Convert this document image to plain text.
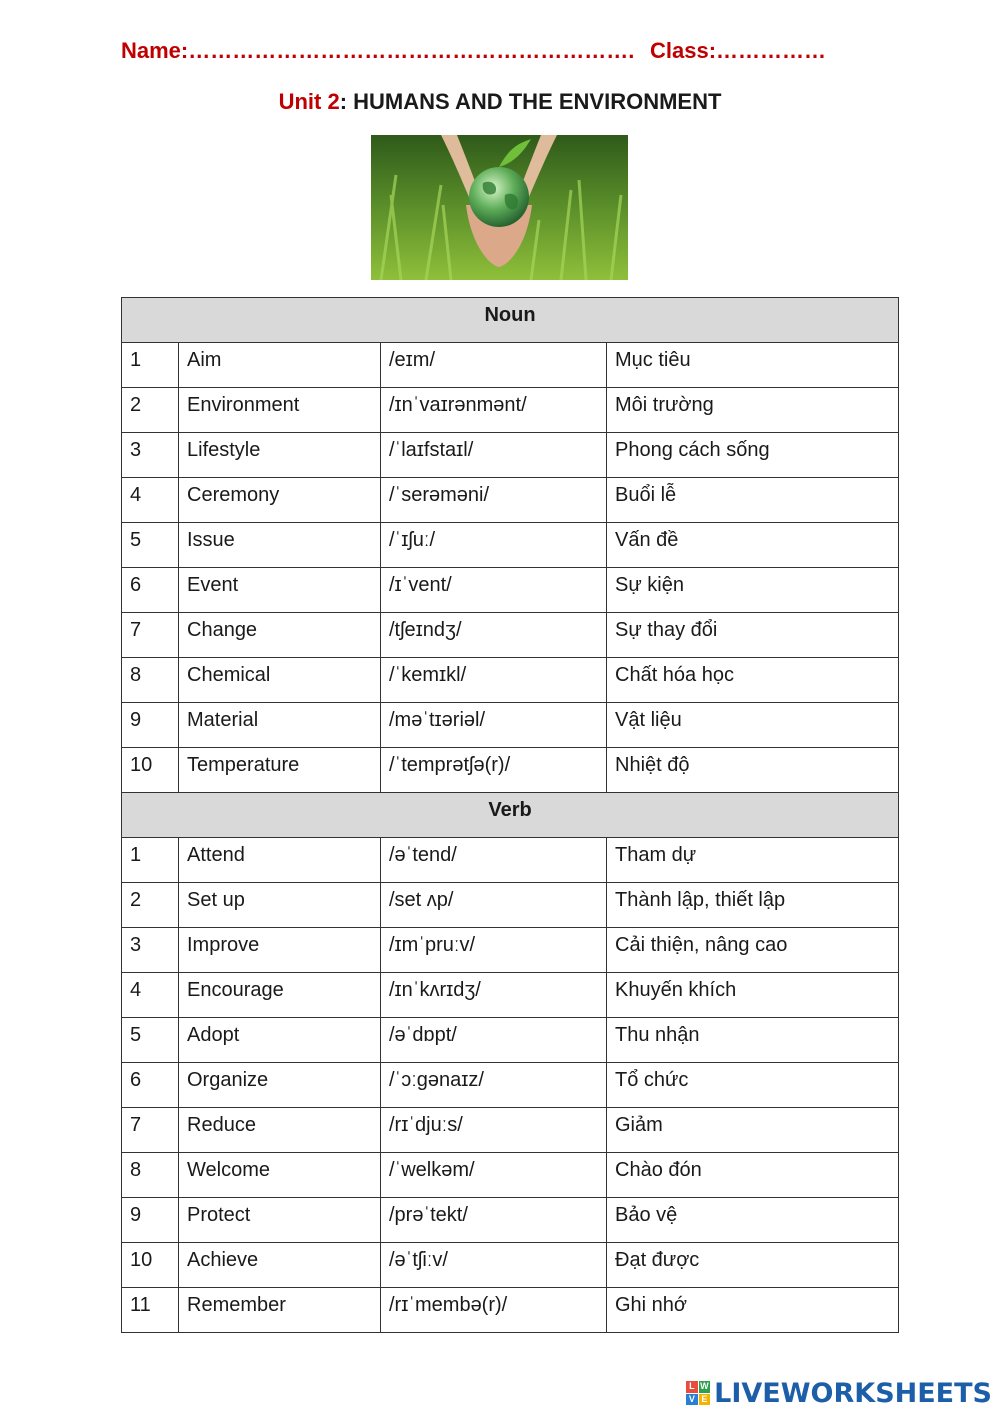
Name:……………………………………………………. Class:……………
Unit 2: HUMANS AND THE ENVIRONMENT
Noun			
1	Aim	/eɪm/	Mục tiêu
2	Environment	/ɪnˈvaɪrənmənt/	Môi trường
3	Lifestyle	/ˈlaɪfstaɪl/	Phong cách sống
4	Ceremony	/ˈserəməni/	Buổi lễ
5	Issue	/ˈɪʃuː/	Vấn đề
6	Event	/ɪˈvent/	Sự kiện
7	Change	/tʃeɪndʒ/	Sự thay đổi
8	Chemical	/ˈkemɪkl/	Chất hóa học
9	Material	/məˈtɪəriəl/	Vật liệu
10	Temperature	/ˈtemprətʃə(r)/	Nhiệt độ
Verb			
1	Attend	/əˈtend/	Tham dự
2	Set up	/set ʌp/	Thành lập, thiết lập
3	Improve	/ɪmˈpruːv/	Cải thiện, nâng cao
4	Encourage	/ɪnˈkʌrɪdʒ/	Khuyến khích
5	Adopt	/əˈdɒpt/	Thu nhận
6	Organize	/ˈɔːɡənaɪz/	Tổ chức
7	Reduce	/rɪˈdjuːs/	Giảm
8	Welcome	/ˈwelkəm/	Chào đón
9	Protect	/prəˈtekt/	Bảo vệ
10	Achieve	/əˈtʃiːv/	Đạt được
11	Remember	/rɪˈmembə(r)/	Ghi nhớ
L W
V E LIVEWORKSHEETS
